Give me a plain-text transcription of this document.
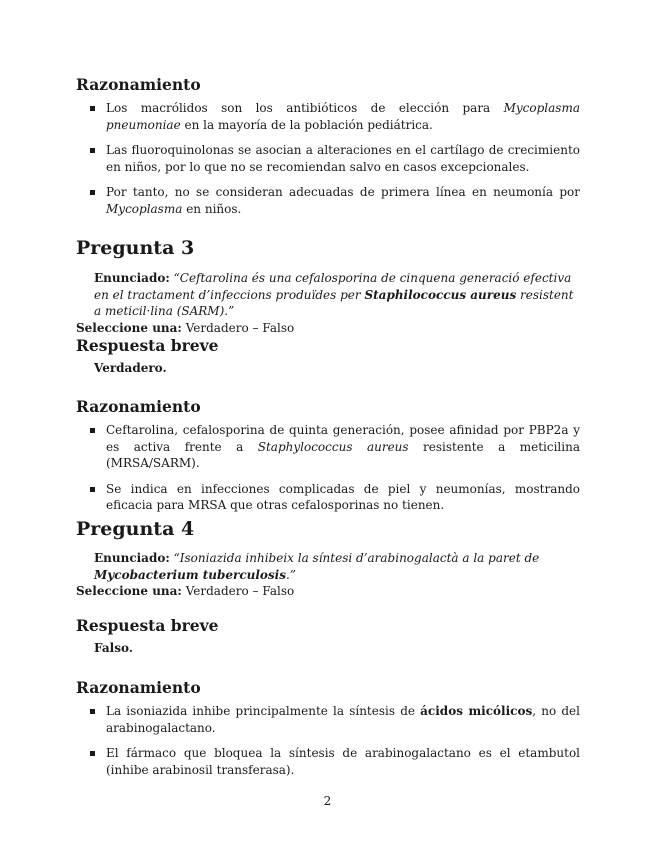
Razonamiento
Los macrólidos son los antibióticos de elección para Mycoplasma pneumoniae en la mayoría de la población pediátrica.
Las fluoroquinolonas se asocian a alteraciones en el cartílago de crecimiento en niños, por lo que no se recomiendan salvo en casos excepcionales.
Por tanto, no se consideran adecuadas de primera línea en neumonía por Mycoplasma en niños.
Pregunta 3
Enunciado: “Ceftarolina és una cefalosporina de cinquena generació efectiva en el tractament d’infeccions produïdes per Staphilococcus aureus resistent a meticil·lina (SARM).”
Seleccione una: Verdadero – Falso
Respuesta breve
Verdadero.
Razonamiento
Ceftarolina, cefalosporina de quinta generación, posee afinidad por PBP2a y es activa frente a Staphylococcus aureus resistente a meticilina (MRSA/SARM).
Se indica en infecciones complicadas de piel y neumonías, mostrando eficacia para MRSA que otras cefalosporinas no tienen.
Pregunta 4
Enunciado: “Isoniazida inhibeix la síntesi d’arabinogalactà a la paret de Mycobacterium tuberculosis.”
Seleccione una: Verdadero – Falso
Respuesta breve
Falso.
Razonamiento
La isoniazida inhibe principalmente la síntesis de ácidos micólicos, no del arabinogalactano.
El fármaco que bloquea la síntesis de arabinogalactano es el etambutol (inhibe arabinosil transferasa).
2
